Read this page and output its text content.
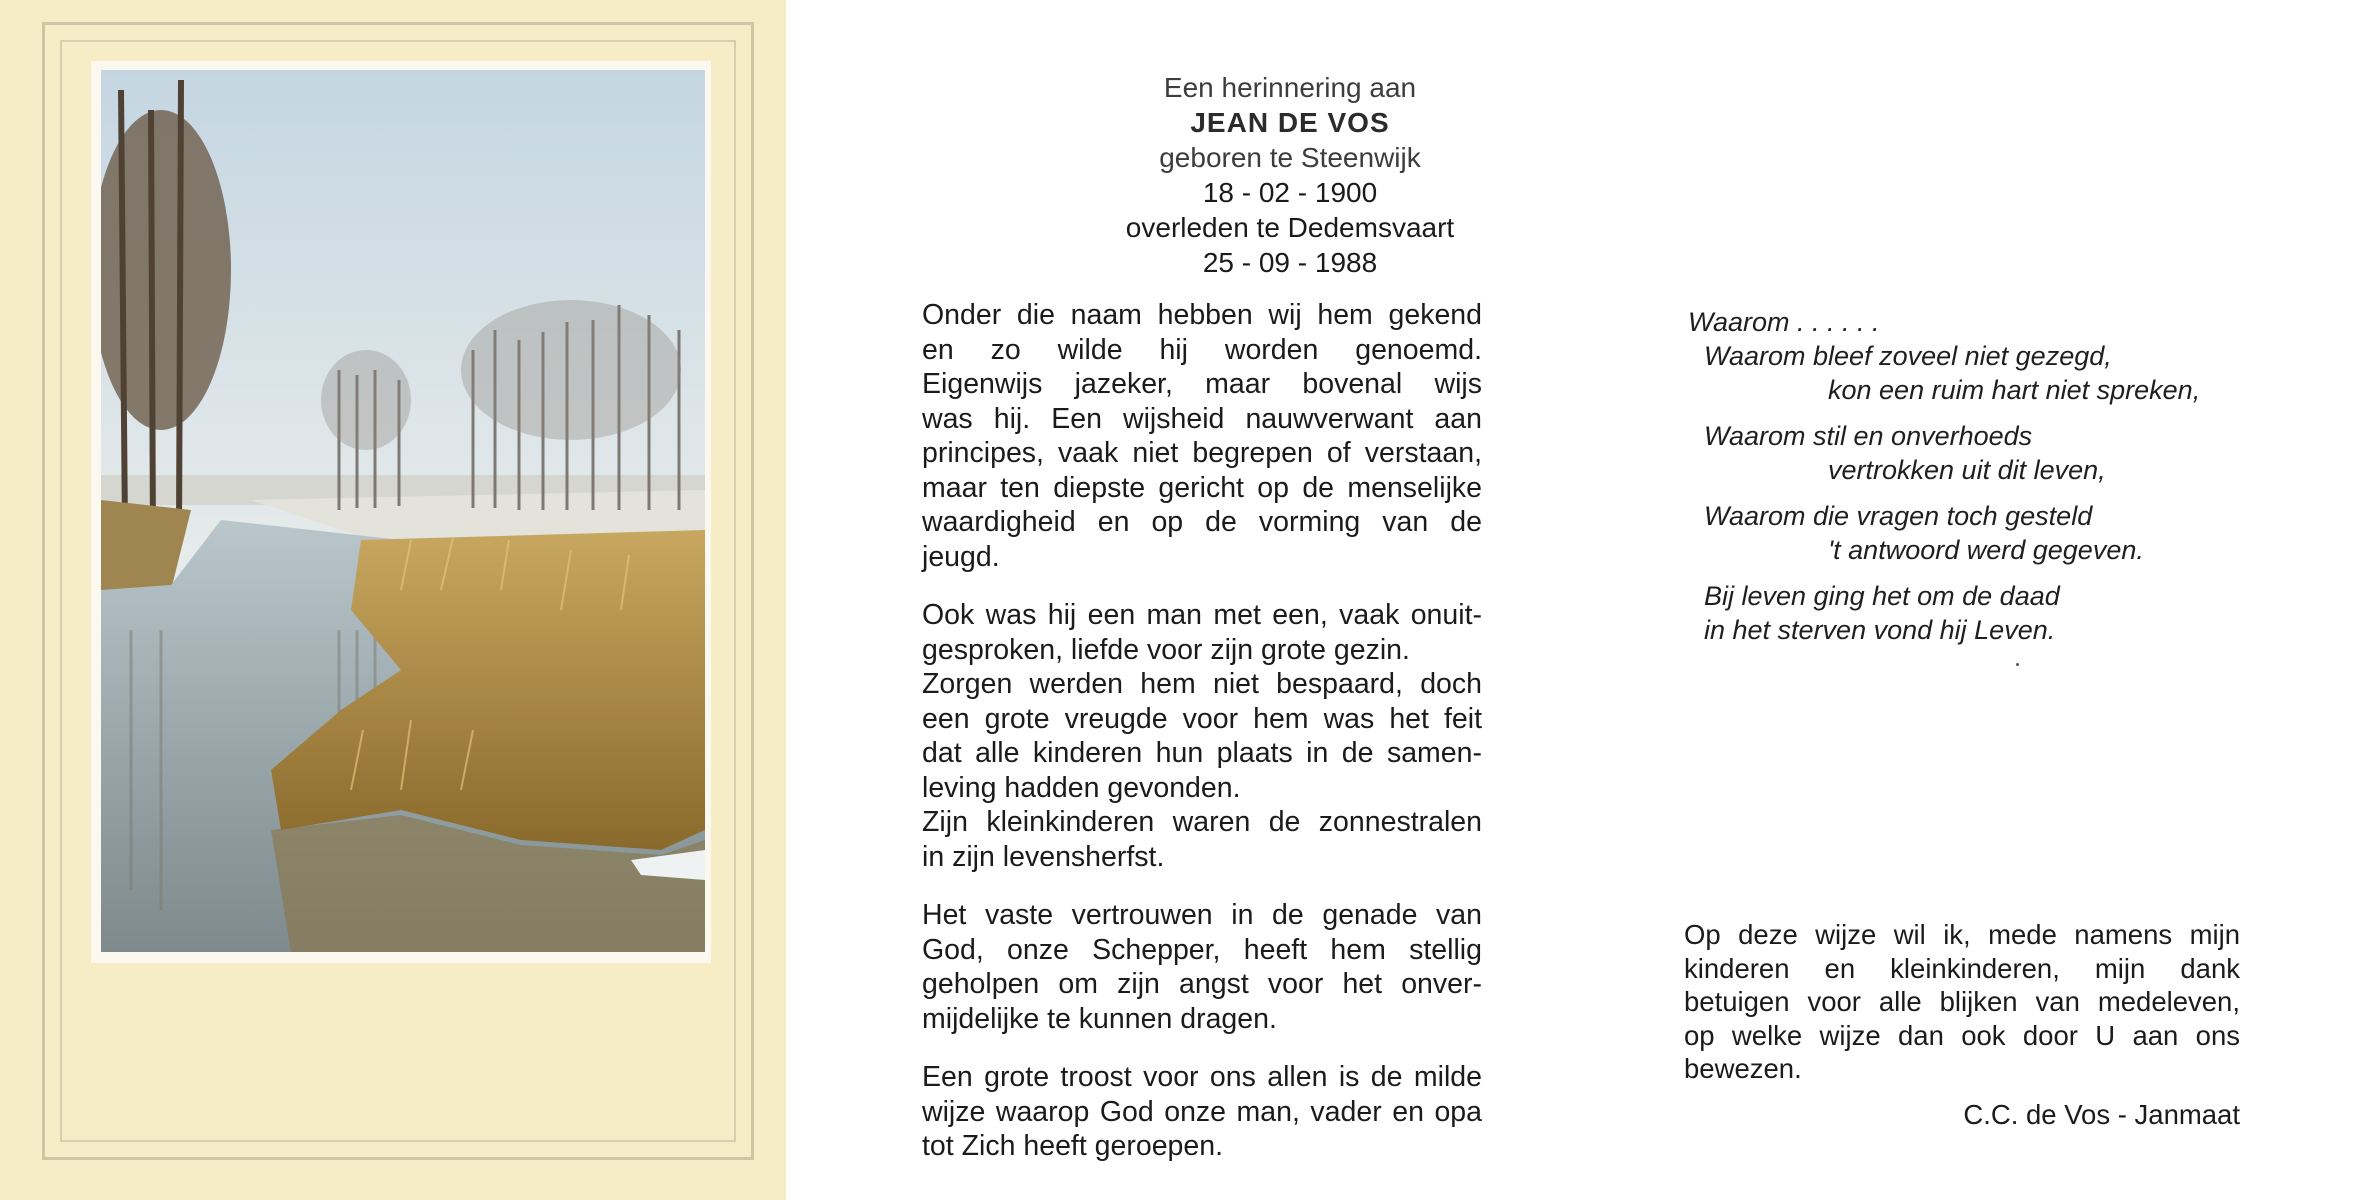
Een herinnering aan
JEAN DE VOS
geboren te Steenwijk
18 - 02 - 1900
overleden te Dedemsvaart
25 - 09 - 1988

Onder die naam hebben wij hem gekend
en zo wilde hij worden genoemd.
Eigenwijs jazeker, maar bovenal wijs
was hij. Een wijsheid nauwverwant aan
principes, vaak niet begrepen of verstaan,
maar ten diepste gericht op de menselijke
waardigheid en op de vorming van de
jeugd.

Ook was hij een man met een, vaak onuit-
gesproken, liefde voor zijn grote gezin.
Zorgen werden hem niet bespaard, doch
een grote vreugde voor hem was het feit
dat alle kinderen hun plaats in de samen-
leving hadden gevonden.
Zijn kleinkinderen waren de zonnestralen
in zijn levensherfst.

Het vaste vertrouwen in de genade van
God, onze Schepper, heeft hem stellig
geholpen om zijn angst voor het onver-
mijdelijke te kunnen dragen.

Een grote troost voor ons allen is de milde
wijze waarop God onze man, vader en opa
tot Zich heeft geroepen.

Waarom . . . . . .
Waarom bleef zoveel niet gezegd,
kon een ruim hart niet spreken,
Waarom stil en onverhoeds
vertrokken uit dit leven,
Waarom die vragen toch gesteld
't antwoord werd gegeven.
Bij leven ging het om de daad
in het sterven vond hij Leven.
Op deze wijze wil ik, mede namens mijn
kinderen en kleinkinderen, mijn dank
betuigen voor alle blijken van medeleven,
op welke wijze dan ook door U aan ons
bewezen.
C.C. de Vos - Janmaat
